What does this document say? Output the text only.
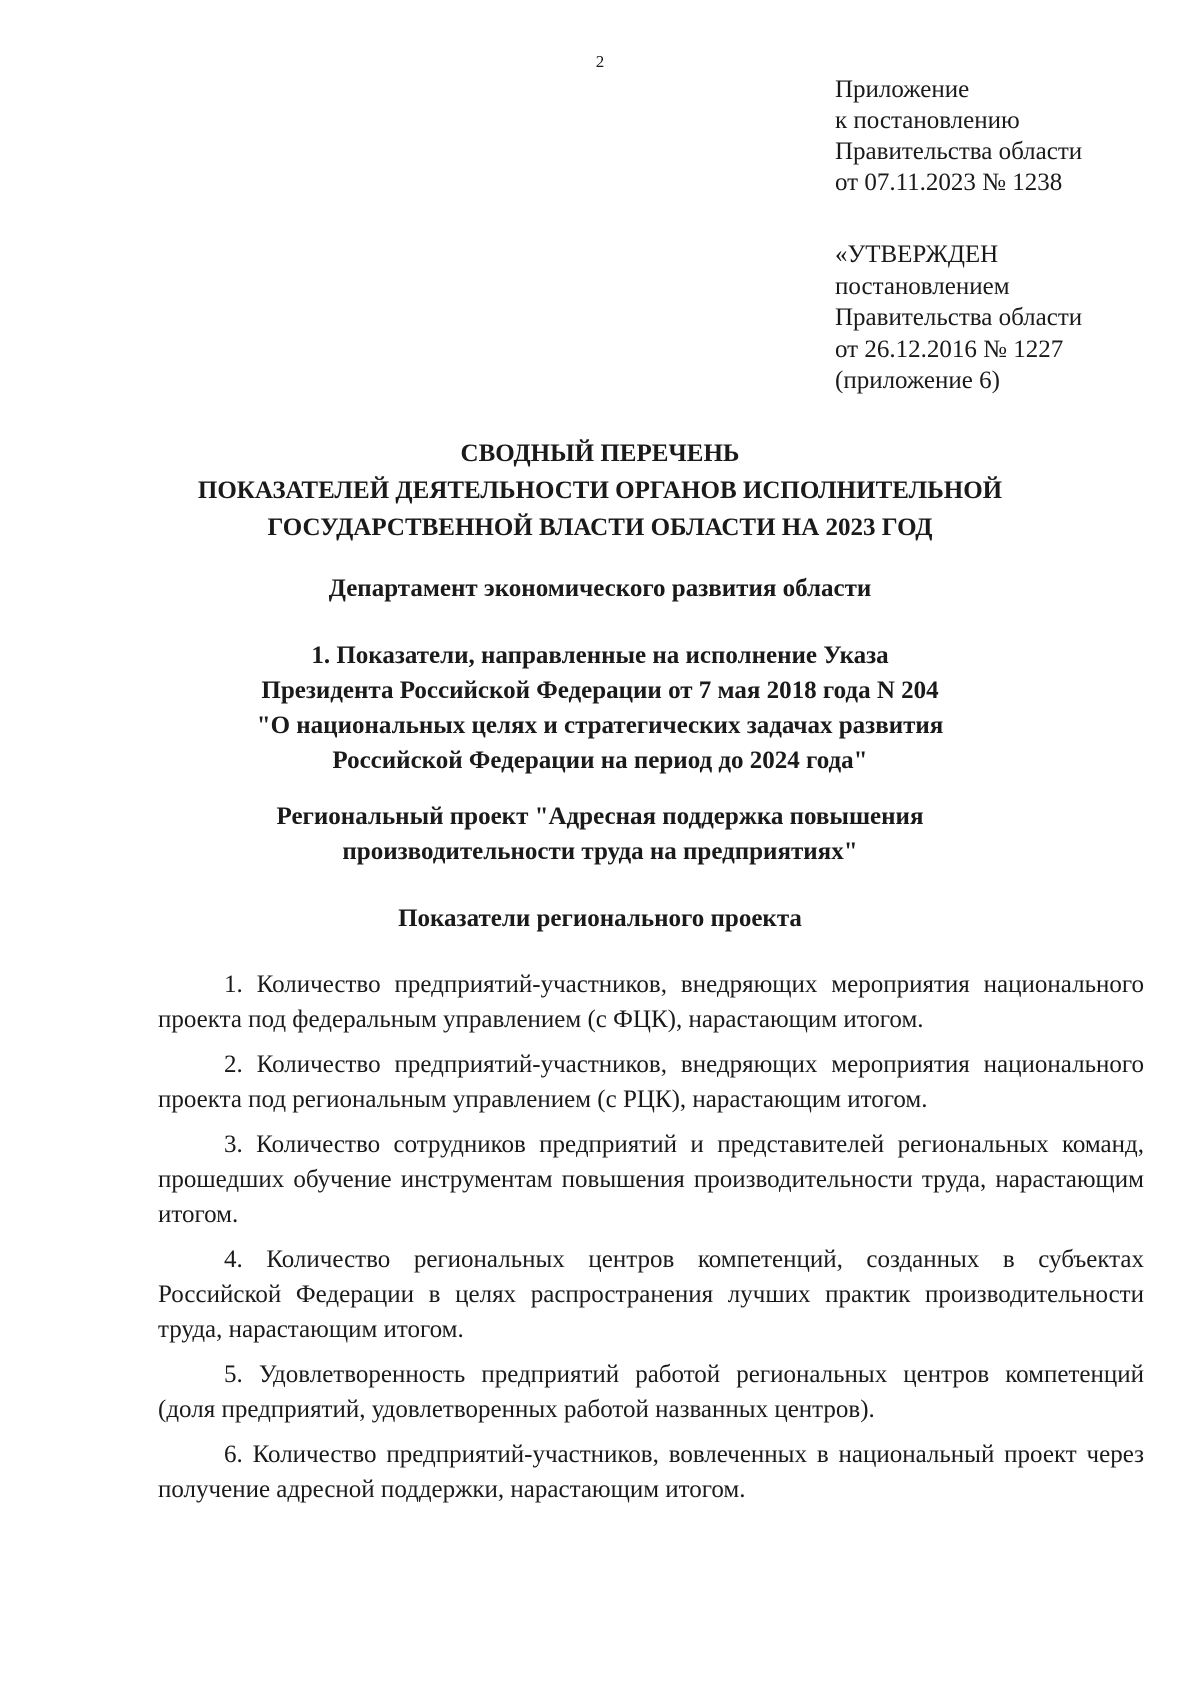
2
Приложение
к постановлению
Правительства области
от 07.11.2023 № 1238
«УТВЕРЖДЕН
постановлением
Правительства области
от 26.12.2016 № 1227
(приложение 6)
СВОДНЫЙ ПЕРЕЧЕНЬ
ПОКАЗАТЕЛЕЙ ДЕЯТЕЛЬНОСТИ ОРГАНОВ ИСПОЛНИТЕЛЬНОЙ
ГОСУДАРСТВЕННОЙ ВЛАСТИ ОБЛАСТИ НА 2023 ГОД
Департамент экономического развития области
1. Показатели, направленные на исполнение Указа
Президента Российской Федерации от 7 мая 2018 года N 204
"О национальных целях и стратегических задачах развития
Российской Федерации на период до 2024 года"
Региональный проект "Адресная поддержка повышения
производительности труда на предприятиях"
Показатели регионального проекта
1. Количество предприятий-участников, внедряющих мероприятия национального проекта под федеральным управлением (с ФЦК), нарастающим итогом.
2. Количество предприятий-участников, внедряющих мероприятия национального проекта под региональным управлением (с РЦК), нарастающим итогом.
3. Количество сотрудников предприятий и представителей региональных команд, прошедших обучение инструментам повышения производительности труда, нарастающим итогом.
4. Количество региональных центров компетенций, созданных в субъектах Российской Федерации в целях распространения лучших практик производительности труда, нарастающим итогом.
5. Удовлетворенность предприятий работой региональных центров компетенций (доля предприятий, удовлетворенных работой названных центров).
6. Количество предприятий-участников, вовлеченных в национальный проект через получение адресной поддержки, нарастающим итогом.
